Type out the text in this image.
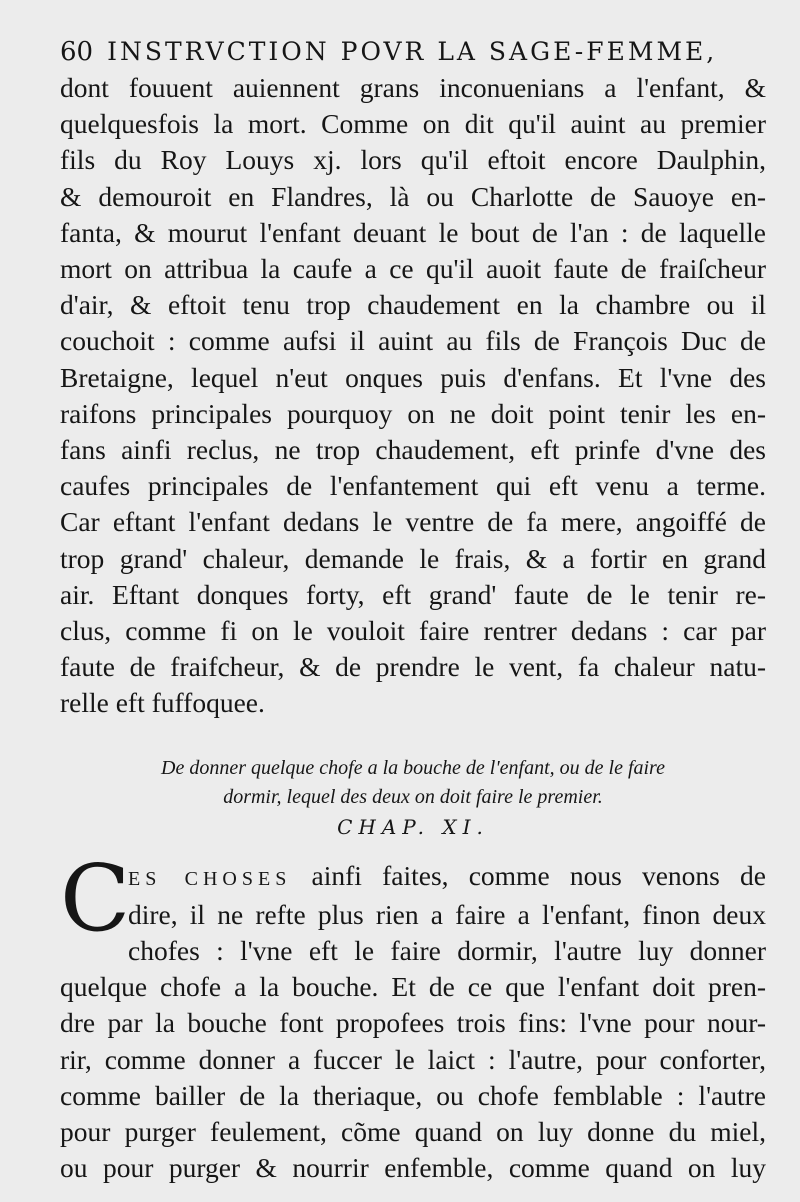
60 INSTRVCTION POVR LA SAGE-FEMME,

dont fouuent auiennent grans inconuenians a l'enfant, &
quelquesfois la mort. Comme on dit qu'il auint au premier
fils du Roy Louys xj. lors qu'il eftoit encore Daulphin,
& demouroit en Flandres, là ou Charlotte de Sauoye en-
fanta, & mourut l'enfant deuant le bout de l'an : de laquelle
mort on attribua la caufe a ce qu'il auoit faute de fraiſcheur
d'air, & eftoit tenu trop chaudement en la chambre ou il
couchoit : comme aufsi il auint au fils de François Duc de
Bretaigne, lequel n'eut onques puis d'enfans. Et l'vne des
raifons principales pourquoy on ne doit point tenir les en-
fans ainfi reclus, ne trop chaudement, eft prinfe d'vne des
caufes principales de l'enfantement qui eft venu a terme.
Car eftant l'enfant dedans le ventre de fa mere, angoiffé de
trop grand' chaleur, demande le frais, & a fortir en grand
air. Eftant donques forty, eft grand' faute de le tenir re-
clus, comme fi on le vouloit faire rentrer dedans : car par
faute de fraifcheur, & de prendre le vent, fa chaleur natu-
relle eft fuffoquee.

De donner quelque chofe a la bouche de l'enfant, ou de le faire
dormir, lequel des deux on doit faire le premier.
CHAP. XI.
C
ES CHOSES ainfi faites, comme nous venons de
dire, il ne refte plus rien a faire a l'enfant, finon deux
chofes : l'vne eft le faire dormir, l'autre luy donner
quelque chofe a la bouche. Et de ce que l'enfant doit pren-
dre par la bouche font propofees trois fins: l'vne pour nour-
rir, comme donner a fuccer le laict : l'autre, pour conforter,
comme bailler de la theriaque, ou chofe femblable : l'autre
pour purger feulement, cõme quand on luy donne du miel,
ou pour purger & nourrir enfemble, comme quand on luy
